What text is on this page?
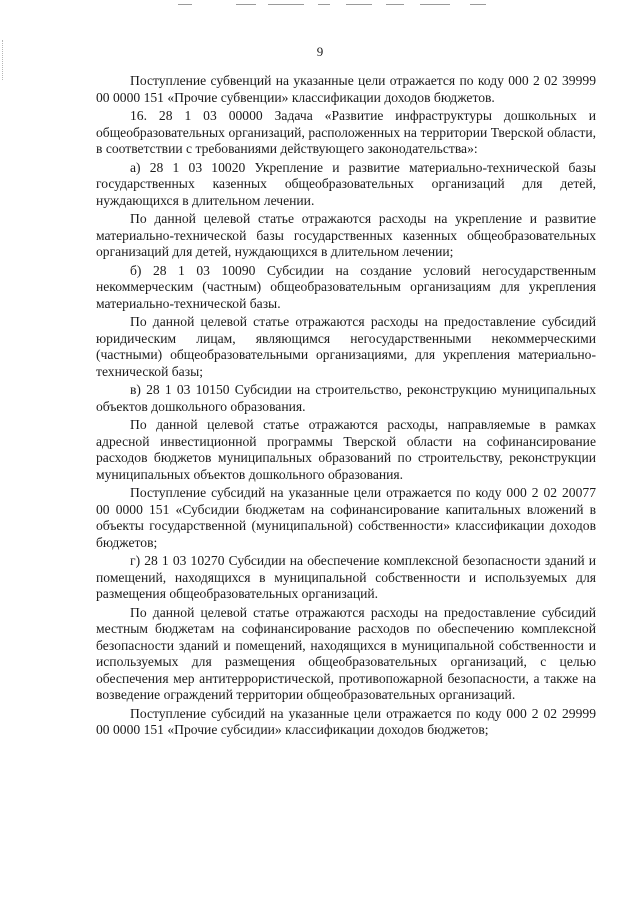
9

Поступление субвенций на указанные цели отражается по коду 000 2 02 39999 00 0000 151 «Прочие субвенции» классификации доходов бюджетов.

16. 28 1 03 00000 Задача «Развитие инфраструктуры дошкольных и общеобразовательных организаций, расположенных на территории Тверской области, в соответствии с требованиями действующего законодательства»:

а) 28 1 03 10020 Укрепление и развитие материально-технической базы государственных казенных общеобразовательных организаций для детей, нуждающихся в длительном лечении.

По данной целевой статье отражаются расходы на укрепление и развитие материально-технической базы государственных казенных общеобразовательных организаций для детей, нуждающихся в длительном лечении;

б) 28 1 03 10090 Субсидии на создание условий негосударственным некоммерческим (частным) общеобразовательным организациям для укрепления материально-технической базы.

По данной целевой статье отражаются расходы на предоставление субсидий юридическим лицам, являющимся негосударственными некоммерческими (частными) общеобразовательными организациями, для укрепления материально-технической базы;

в) 28 1 03 10150 Субсидии на строительство, реконструкцию муниципальных объектов дошкольного образования.

По данной целевой статье отражаются расходы, направляемые в рамках адресной инвестиционной программы Тверской области на софинансирование расходов бюджетов муниципальных образований по строительству, реконструкции муниципальных объектов дошкольного образования.

Поступление субсидий на указанные цели отражается по коду 000 2 02 20077 00 0000 151 «Субсидии бюджетам на софинансирование капитальных вложений в объекты государственной (муниципальной) собственности» классификации доходов бюджетов;

г) 28 1 03 10270 Субсидии на обеспечение комплексной безопасности зданий и помещений, находящихся в муниципальной собственности и используемых для размещения общеобразовательных организаций.

По данной целевой статье отражаются расходы на предоставление субсидий местным бюджетам на софинансирование расходов по обеспечению комплексной безопасности зданий и помещений, находящихся в муниципальной собственности и используемых для размещения общеобразовательных организаций, с целью обеспечения мер антитеррористической, противопожарной безопасности, а также на возведение ограждений территории общеобразовательных организаций.

Поступление субсидий на указанные цели отражается по коду 000 2 02 29999 00 0000 151 «Прочие субсидии» классификации доходов бюджетов;
